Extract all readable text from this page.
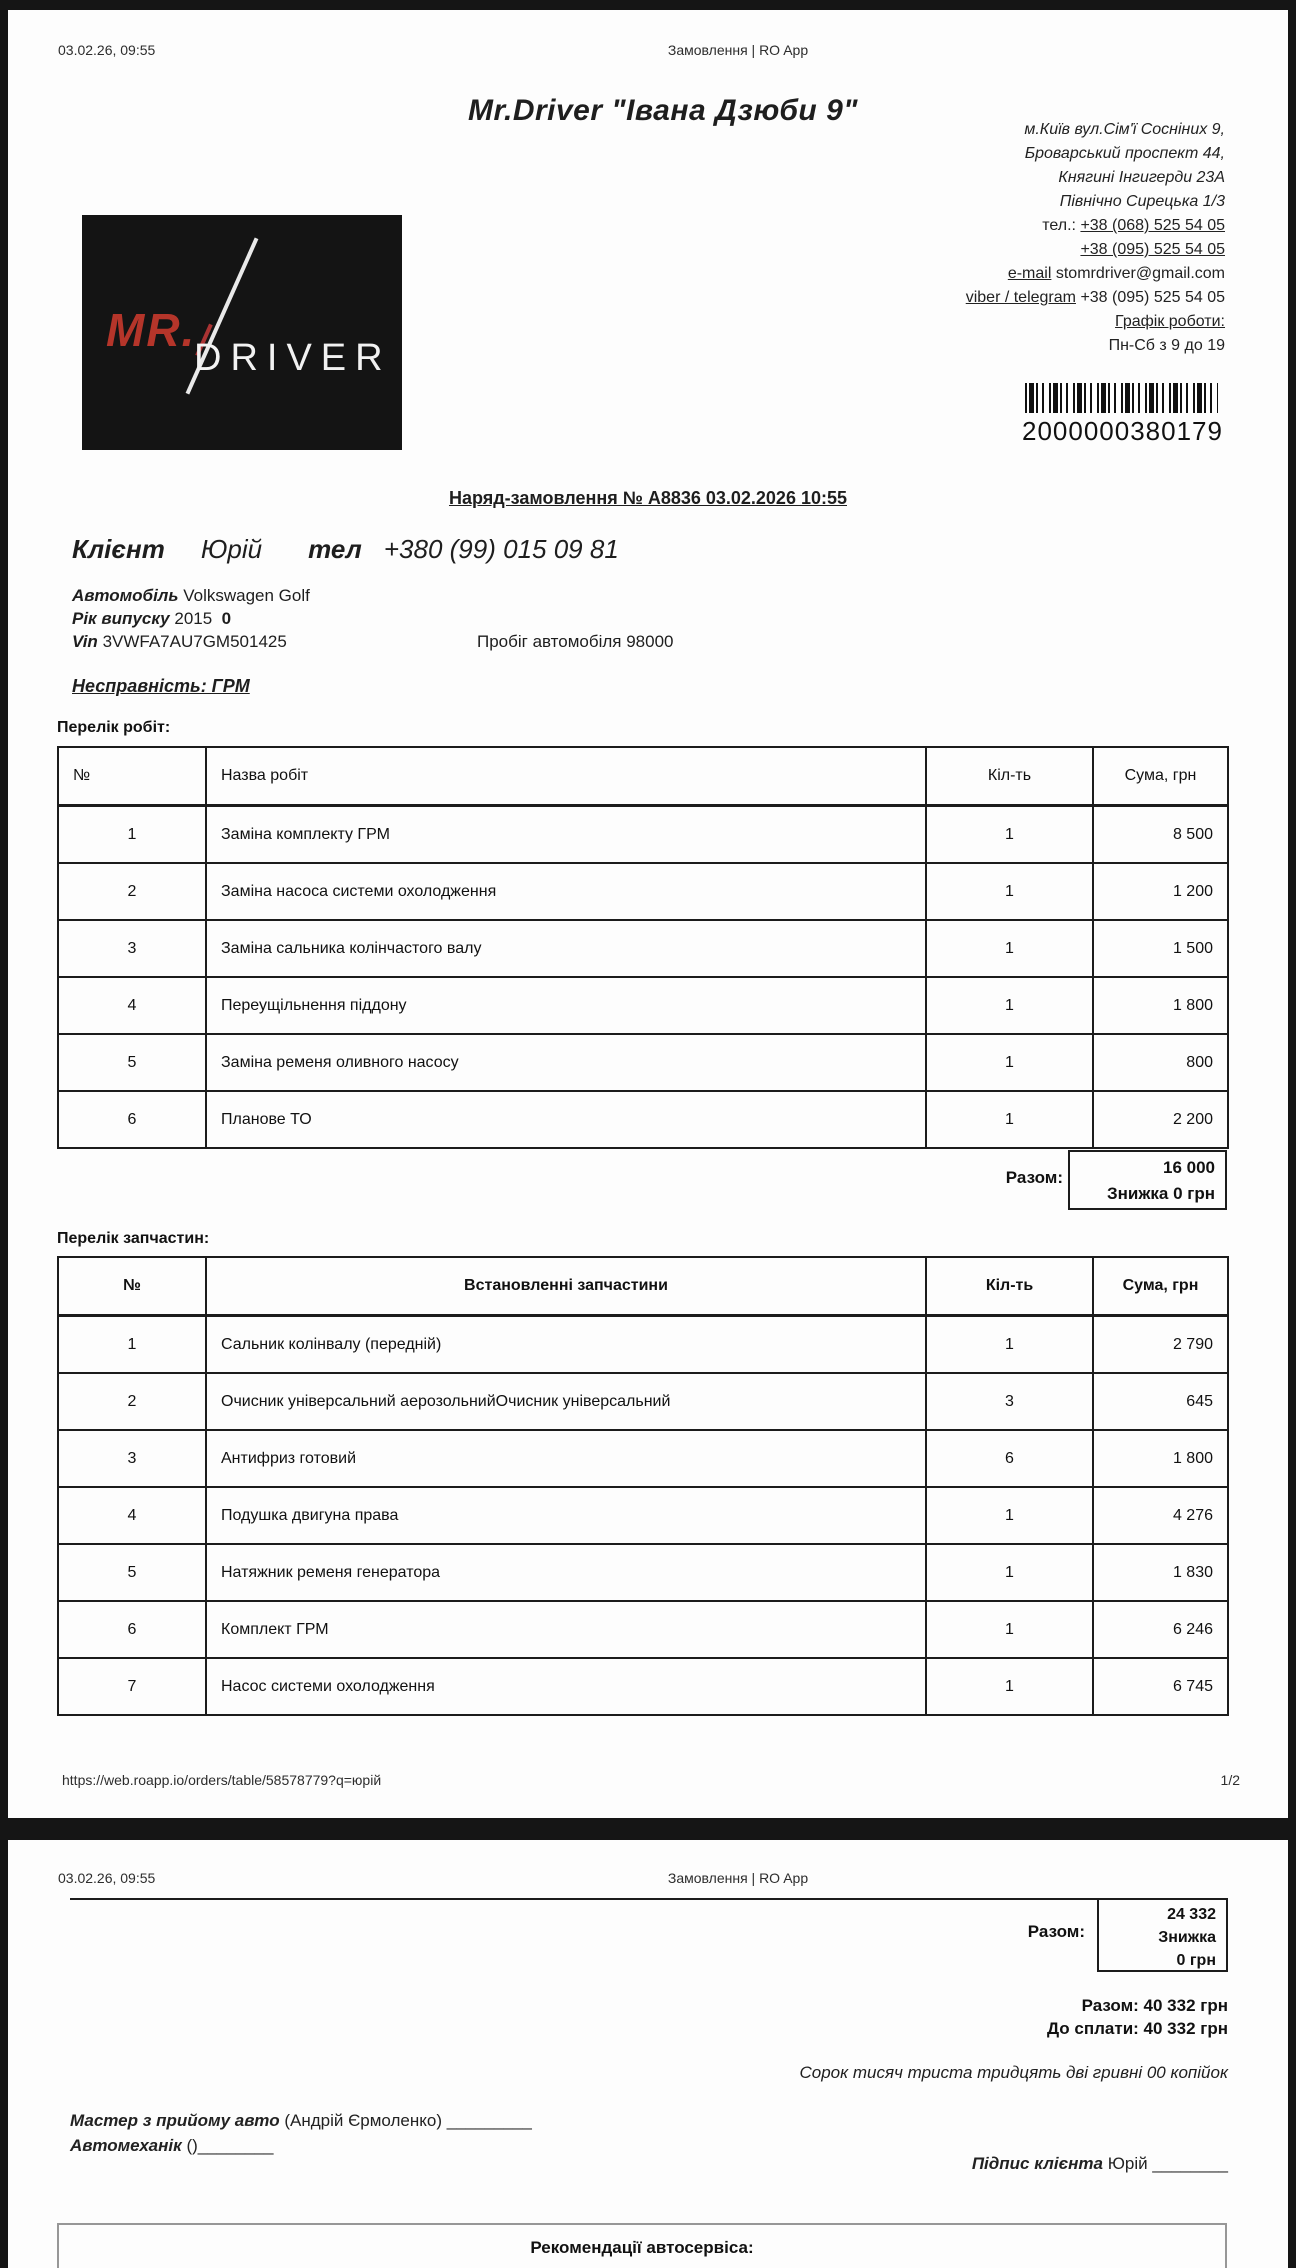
03.02.26, 09:55	Замовлення | RO App
Mr.Driver "Івана Дзюби 9"
м.Київ вул.Сім'ї Сосніних 9,
Броварський проспект 44,
Княгині Інгигерди 23А
Північно Сирецька 1/3
тел.: +38 (068) 525 54 05
+38 (095) 525 54 05
e-mail stomrdriver@gmail.com
viber / telegram +38 (095) 525 54 05
Графік роботи:
Пн-Сб з 9 до 19
MR.
DRIVER
2000000380179
Наряд-замовлення № А8836 03.02.2026 10:55
Клієнт Юрій тел +380 (99) 015 09 81
Автомобіль Volkswagen Golf
Рік випуску 2015 0
Vin 3VWFA7AU7GM501425	Пробіг автомобіля 98000
Несправність: ГРМ
Перелік робіт:
№	Назва робіт	Кіл-ть	Сума, грн
1	Заміна комплекту ГРМ	1	8 500
2	Заміна насоса системи охолодження	1	1 200
3	Заміна сальника колінчастого валу	1	1 500
4	Переущільнення піддону	1	1 800
5	Заміна ременя оливного насосу	1	800
6	Планове ТО	1	2 200
Разом:
16 000
Знижка 0 грн
Перелік запчастин:
№	Встановленні запчастини	Кіл-ть	Сума, грн
1	Сальник колінвалу (передній)	1	2 790
2	Очисник універсальний аерозольнийОчисник універсальний	3	645
3	Антифриз готовий	6	1 800
4	Подушка двигуна права	1	4 276
5	Натяжник ременя генератора	1	1 830
6	Комплект ГРМ	1	6 246
7	Насос системи охолодження	1	6 745
https://web.roapp.io/orders/table/58578779?q=юрій	1/2
03.02.26, 09:55	Замовлення | RO App
Разом:
24 332
Знижка
0 грн
Разом: 40 332 грн
До сплати: 40 332 грн
Сорок тисяч триста тридцять дві гривні 00 копійок
Мастер з прийому авто (Андрій Єрмоленко) _________
Автомеханік ()________
Підпис клієнта Юрій ________
Рекомендації автосервіса:
